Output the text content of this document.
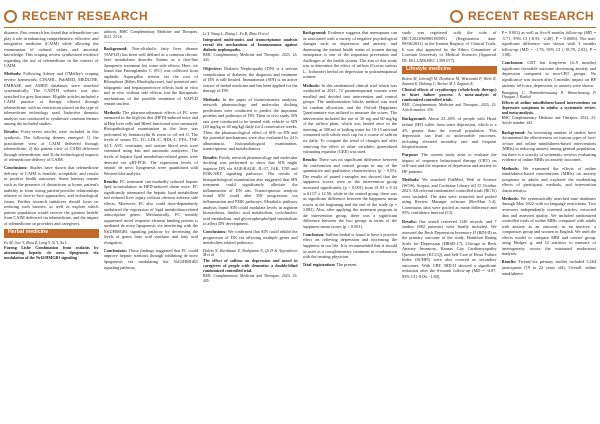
RECENT RESEARCH	RECENT RESEARCH

distance. Past research has found that telemedicine can play a role in enhancing comprehensive, effective, and integrative medicine (CAIM) while allowing the examination of cultural values and ancestral knowledge. This scoping review synthesized evidence regarding the use of telemedicine in the context of CAIM.

Methods: Following Arksey and O'Malley's scoping review framework, CINAHL, PubMED, MEDLINE, EMBASE and AMED databases were searched systematically. The CADTH website was also searched for grey literature. Eligible articles included a CAIM practice or therapy offered through telemedicine, with no restrictions placed on the type of telemedicine technology used. Inductive thematic analysis was conducted to synthesize common themes among the included studies.

Results: Forty-seven articles were included in this synthesis. The following themes emerged: 1) the practitioner view of CAIM delivered through telemedicine, 2) the patient view of CAIM delivered through telemedicine, and 3) the technological impacts of telemedicine delivery of CAIM.

Conclusions: Studies have shown that telemedicine delivery of CAIM is feasible, acceptable, and results in positive health outcomes. Some barriers remain such as the presence of distractions at home, patient's inability to form strong patient-provider relationships relative to face-to-face approaches, and technological issues. Further research initiatives should focus on reducing such barriers, as well as explore which patient population would receive the greatest benefit from CAIM delivered via telemedicine, and the impact of telemedicine on providers and caregivers.

Herbal medicine
Fu M, Gao Y, Zhou Z, Long Y, Xi Y, Xu L
Fuzeng Lishe Combination from sealants by attenuating hepatic cle novo lipogenesis via modulation of the Nrf2/HMGB1 signaling
pathway. BMC Complementary Medicine and Therapies. 2023. 23:16.

Background: Non-alcoholic fatty liver disease (NAFLD) has been well defined as a common chronic liver metabolism disorder. Statins as a first-line therapeutic treatment but some side effects. Here, we found that Fuzenglanshe C (FC) was collected from naphtalic Aspergillus terreus via the root of Ribosphora (Ribes Rhodophyceae), had potential anti-adipogenic and hepatoprotective effects both in vitro and in vivo without side effects, but the therapeutic mechanisms of the possible treatment of NAFLD remain unclear.

Methods: The pharmacodynamic effects of FC were measured in the high-fat diet (HFD)-induced mice and in Hep liver cells and Bleed functional were measured. Histopathological examination in the liver was performed by hematoxylin & eosin or oil red O. The levels of serum TG, TC, LDL-C, HDL-C, FFA, TNF, ALT, AST, creatinine, and routine blood tests were examined using kits and automatic analyzers. The levels of hepatic lipid metabolism-related genes were detected via qRT-PCR. The expression levels of hepatic de novo lipogenesis were quantitated with Western blot analysis.

Results: FC treatment can markedly reduced hepatic lipid accumulation in HFD-induced obese mice. FC significantly attenuated the hepatic lipid metabolism and reduced liver injury without obvious adverse side effects. Moreover, FC also could dose-dependently modulated the expression of lipid metabolism-related transcription genes. Mechanically, FC notably suppressed novel response element binding protein is mediated de novo lipogenesis via interfering with the Nrf2/HMGB1 signaling pathway by decreasing the levels of genes fatty acid synthase and fatty acid elongation.

Conclusions: These findings suggested that FC could improve hepatic steatosis through inhibiting de novo lipogenesis via modulating the Nrf2/HMGB1 signaling pathway.

Li Y, Wang L, Zhang J, Xu B, Zhao H et al
Integrated multi-omics and transcriptomic analysis reveal the mechanisms of Immunomma against diabetic nephropathy.
BMC Complementary Medicine and Therapies. 2023; 23: 443.

Objective: Diabetic Nephropathy (DN) is a serious complication of diabetes, the diagnosis and treatment of DN is still limited. Immunomax (SIN) is an active extract of herbal medicine and has been applied for the therapy of DN.

Methods: In the paper of bioinformatics analyses, network pharmacology and molecular docking predictions were conducted to predict the important proteins and pathways of DN. Then in vivo study, DN rats were conducted to be treated with vehicle or SIN (20 mg/kg or 40 mg/kg) daily for 4 consecutive weeks. Then, the pharmacological effect of SIN on DN and the potential mechanisms were also evaluated by 24 h albuminuria, histopathological examination, transcriptome, and metabolomics.

Results: Firstly, network pharmacology and molecular docking was performed to show that SIN might improve DN via AGE-RAGE, IL-17, JAK, TNF and PI3K/AKT signaling pathways. The results of histopathological examination also suggested that SIN treatment could significantly alleviate the inflammation of DN rats. Transcriptomic analysis found SIN could alter DN progression via inflammation and PI3K pathways. Metabolic pathway analysis found SIN could modulate levels in arginine biosynthesis, linoleic acid metabolism, cyclolinoleic acid metabolism, and glycerophospholipid metabolism to affect DN development.

Conclusions: We confirmed that SIN could inhibit the progression of DN via affecting multiple genes and metabolites related pathways.

Dalvin N, Kurdistani Z, Shahpanai N, Qi D & Ajayraltorei M et al
The effect of saffron on depression and mood in caregivers of people with dementia: a double-blind randomized controlled trial.
BMC Complementary Medicine and Therapies. 2023; 23: 445.

Background: Evidence suggests that menopause can be associated with a variety of negative psychological changes such as depression and anxiety, and depressing the mental health status of women during menopause is one of the important prevention and challenges of the health system. The aim of this study was to determine the effect of saffron (Crocus sativus L., Iridaceae) herbal on depression in postmenopausal women.

Methods: In this randomized clinical trial which was conducted in 2021, 72 postmenopausal women were enrolled and divided into intervention and control groups. The randomization blocks method was used for random allocation, and the Oxford Happiness Questionnaire was utilized to measure the scores. The intervention included the use of 30 mg and 60 mg/kg of the saffron plant, which was healed once in the morning, at 300 ml of boiling water for 10-15 min and consumed with whole each cup for a course of saffron six daily. To compare the trend of changes and after removing the effect of other variables, generalized estimating equation (GEE) was used.

Results: There was no significant difference between the intervention and control groups in any of the quantitative and qualitative characteristics (p > 0.05). The results of paired t-samples test showed that the happiness scores were in the intervention group increased significantly (p < 0.001) from 41.93 ± 8.34 to 61.07 ± 12.56, while in the control group, there was no significant difference between the happiness mean scores at the beginning and the end of the study (p = 0.083). Also, after applying the treatment program in the intervention group, there was a significant difference between the two groups in terms of the happiness mean scores (p < 0.001).

Conclusion: Saffron herbal is found to have a positive effect on relieving depression and increasing the happiness in our life. It is recommended that it should be used as a complementary treatment in combination with the treating physician.

Trial registration: The present

study was registered with the code of IRCT20210609051809N1 (Registration date: 09/06/2021) in the Iranian Registry of Clinical Trials. It was also approved by the Ethics Committee of Lorestan University of Medical Sciences (Approval ID: IR.LUMS.REC.1399.077).

Lifestyle medicine
Bolem M, Gierruffi M, Dewhurst M, Wrzesinski P, Wiele R, Zammit E, Hubang C, Becker M J, Zagaria E.
Clinical effects of cryotherapy (whole-body therapy) to heart failure process: A meta-analysis of randomized controlled trials.
BMC Complementary Medicine and Therapies. 2023; 23: Article number: 256.

Background: About 25–40% of people with Heart failure (HF) suffer from some depression, which is a 4% greater than the overall population. This depression can lead to unfavorable outcomes, including elevated mortality rate and frequent hospitalization.

Purpose: The current study aims to evaluate the impact of sequence behavioural therapy (CBT) on self-care and the response of depression and anxiety in HF patients.

Methods: We searched PubMed, Web of Science (WOS), Scopus, and Cochrane Library till 15 October 2023. All relevant randomized controlled trials (RCTs) were included. The data were extracted and pooled using Review Manager software (RevMan 5.4). Continuous data were pooled as mean difference and 95% confidence interval (CI).

Results: Our search retrieved 1146 records, and 7 studies (682 patients) were finally included. We assessed the Beck Depression Inventory II (BDI-II) as the primary outcome of the study, Hamilton Rating Scale for Depression (HRSD-17), Chicago in Beck Anxiety Inventory, Kansas City Cardiomyopathy Questionnaire (KCCQ), and Self-Care of Heart Failure Index (SCHFI) were also covered as secondary outcomes. With CBT, BDI-II showed a significant reduction after the 6-month follow-up (MD = -4.87, 95% CI [-8.06, -1.69],

P = 0.003) as well as 6-to-9 months follow-up (MD = -5.71, 95% CI [-8.93, -2.48], P = 0.0006). The non-significant difference was shown with 3 months follow-up (MD = -1.76, 95% CI [-18.78, 2.03], P = 0.08).

Conclusion: CBT has long-term (4–9 months) significant favorable outcome decreasing anxiety and depression compared to non-CBT groups. No significance was shown after 3 months' impact on HF patients' self-care, depression, or anxiety were shown.

Ruangsing C, Thamrabiensuang P, Wanuchanong P, Thaygan J, Kunkol
Effects of online mindfulness-based interventions on depressive symptoms in adults: a systematic review and meta-analysis.
BMC Complementary Medicine and Therapies. 2023; 23: Article number: 445.

Background: An increasing number of studies have documented the effectiveness on various types of face-to-face and online mindfulness-based interventions (MBIs) in reducing anxiety among general population, but there is a scarcity of systematic reviews evaluating evidence of online MBIs on anxiety outcomes.

Methods: We examined the effects of online mindfulness-based interventions (MBIs) on anxiety symptoms in adults and explored the moderating effects of participant, methods, and intervention characteristics.

Methods: We systematically searched nine databases through May 2022 with no language restrictions. Two reviewers independently screened articles, extracted data and assessed quality. We included randomized controlled trials of online MBIs compared with adults with anxiety as an outcome, in an inactive, a comparison group and women in English. We used the effects model to compare MBI and control group, using Hedges' g, and I2 statistics to measure of heterogeneity across the estimated moderators analyses.

Results: Twenty-six primary studies included 5,264 participants (19 to 22 years old). Overall, online mindfulness-
